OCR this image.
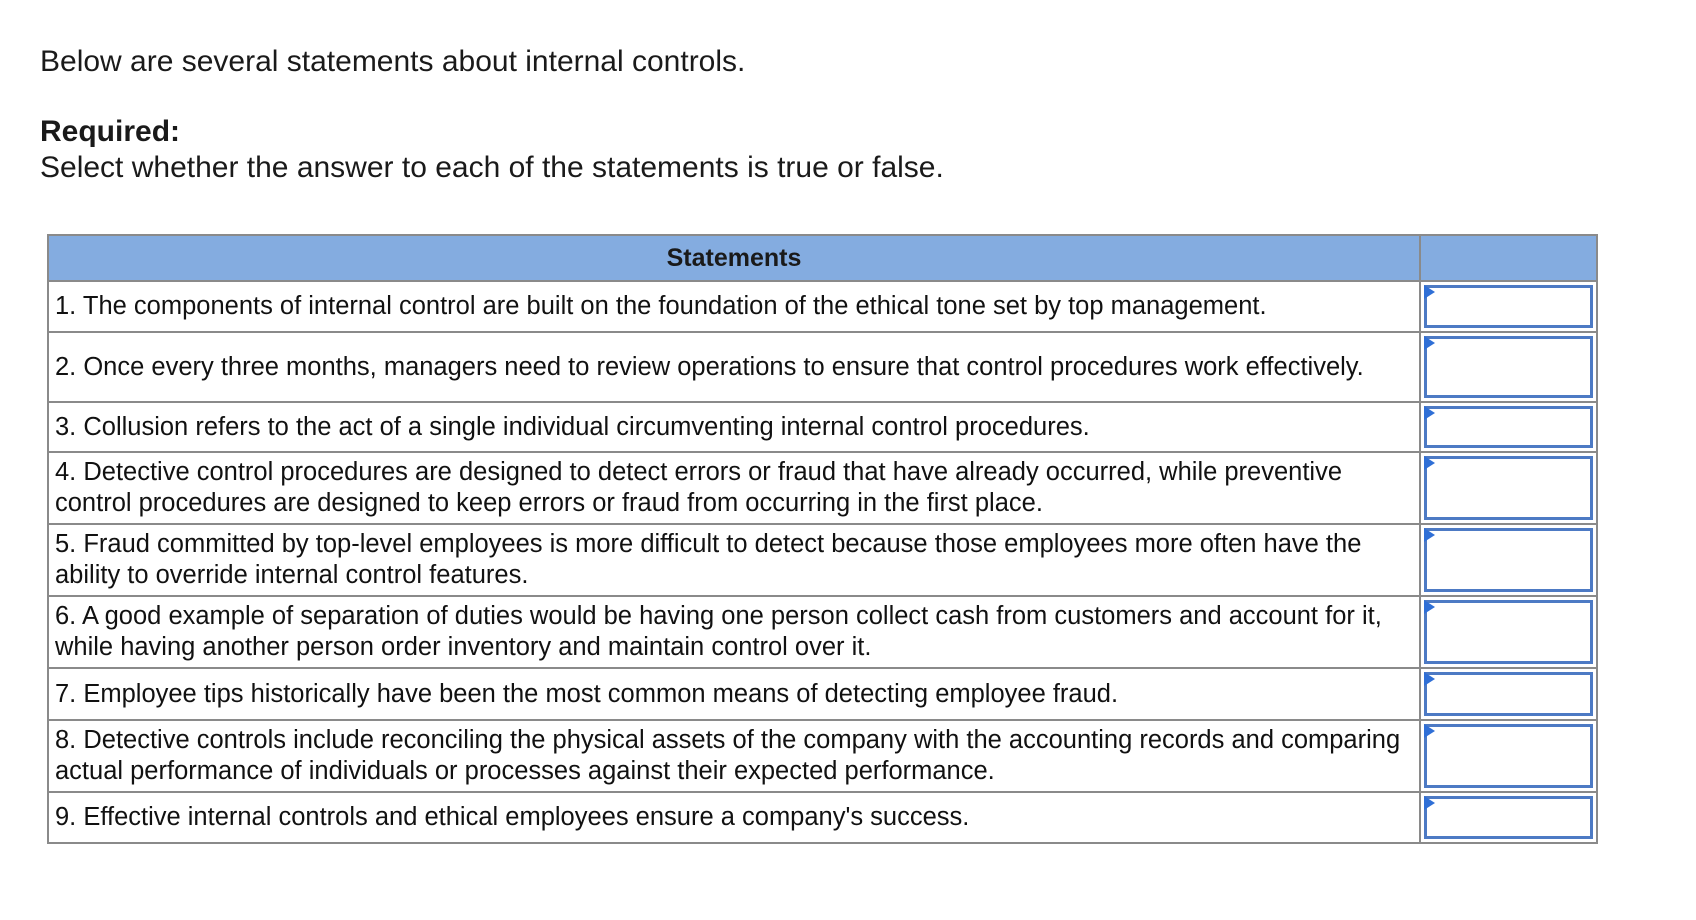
Below are several statements about internal controls.

Required:

Select whether the answer to each of the statements is true or false.

Statements	
1. The components of internal control are built on the foundation of the ethical tone set by top management.	

2. Once every three months, managers need to review operations to ensure that control procedures work effectively.	

3. Collusion refers to the act of a single individual circumventing internal control procedures.	

4. Detective control procedures are designed to detect errors or fraud that have already occurred, while preventive control procedures are designed to keep errors or fraud from occurring in the first place.	

5. Fraud committed by top-level employees is more difficult to detect because those employees more often have the ability to override internal control features.	

6. A good example of separation of duties would be having one person collect cash from customers and account for it, while having another person order inventory and maintain control over it.	

7. Employee tips historically have been the most common means of detecting employee fraud.	

8. Detective controls include reconciling the physical assets of the company with the accounting records and comparing actual performance of individuals or processes against their expected performance.	

9. Effective internal controls and ethical employees ensure a company's success.	
